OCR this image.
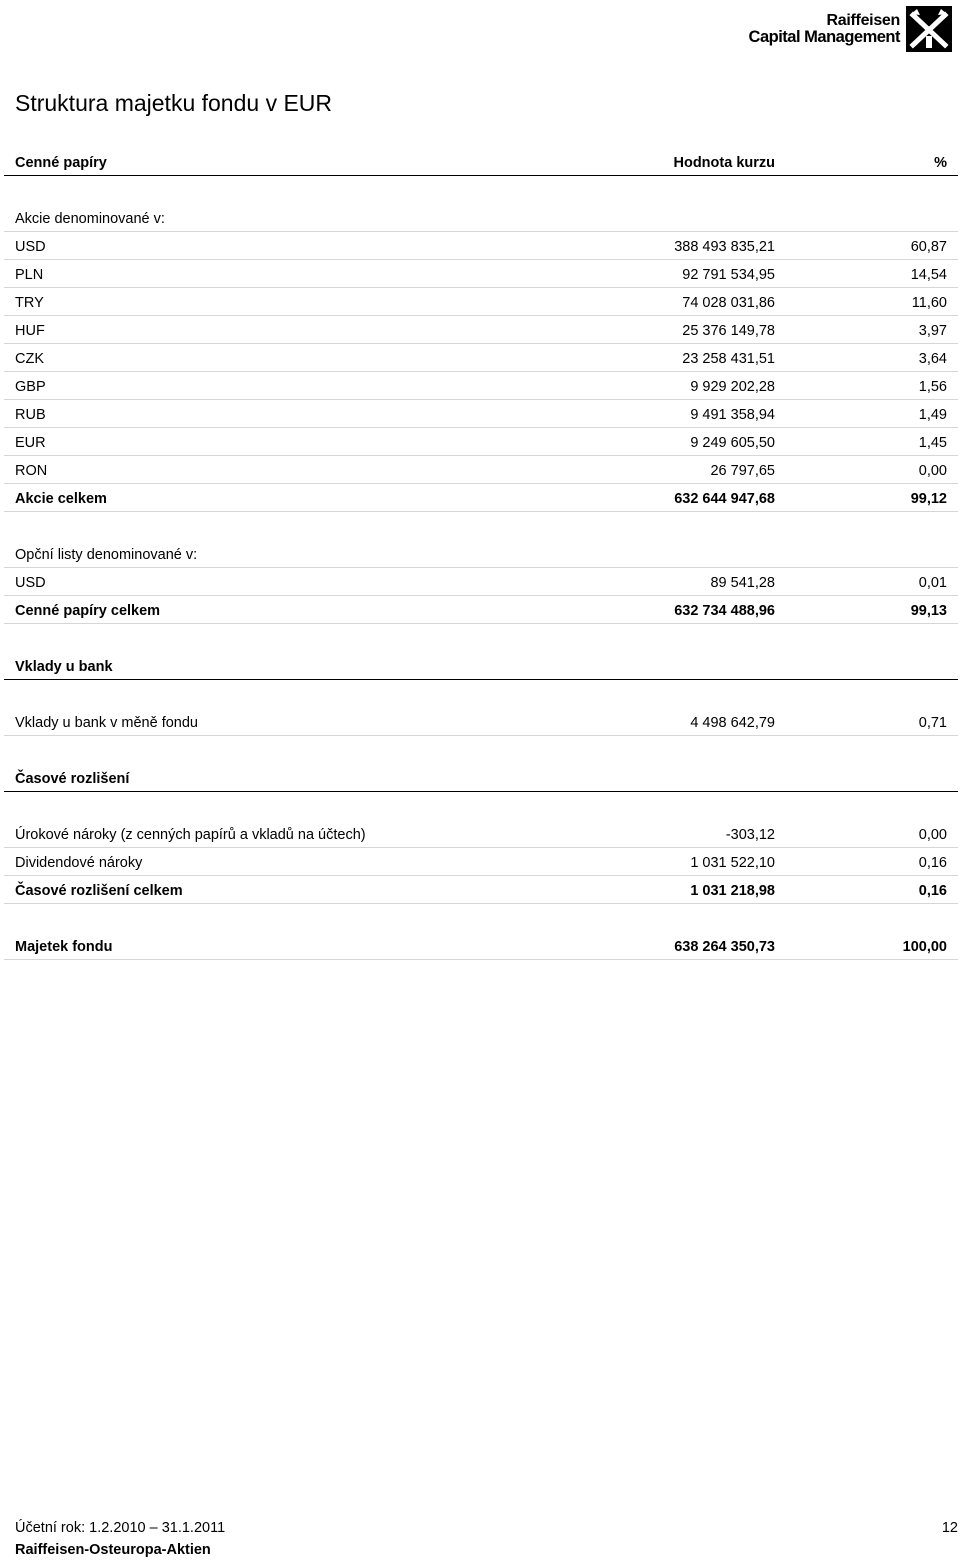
Raiffeisen
Capital Management
Struktura majetku fondu v EUR
Cenné papíry	Hodnota kurzu	%
Akcie denominované v:
USD	388 493 835,21	60,87
PLN	92 791 534,95	14,54
TRY	74 028 031,86	11,60
HUF	25 376 149,78	3,97
CZK	23 258 431,51	3,64
GBP	9 929 202,28	1,56
RUB	9 491 358,94	1,49
EUR	9 249 605,50	1,45
RON	26 797,65	0,00
Akcie celkem	632 644 947,68	99,12
Opční listy denominované v:
USD	89 541,28	0,01
Cenné papíry celkem	632 734 488,96	99,13
Vklady u bank
Vklady u bank v měně fondu	4 498 642,79	0,71
Časové rozlišení
Úrokové nároky (z cenných papírů a vkladů na účtech)	-303,12	0,00
Dividendové nároky	1 031 522,10	0,16
Časové rozlišení celkem	1 031 218,98	0,16
Majetek fondu	638 264 350,73	100,00
Účetní rok: 1.2.2010 – 31.1.2011	12
Raiffeisen-Osteuropa-Aktien
